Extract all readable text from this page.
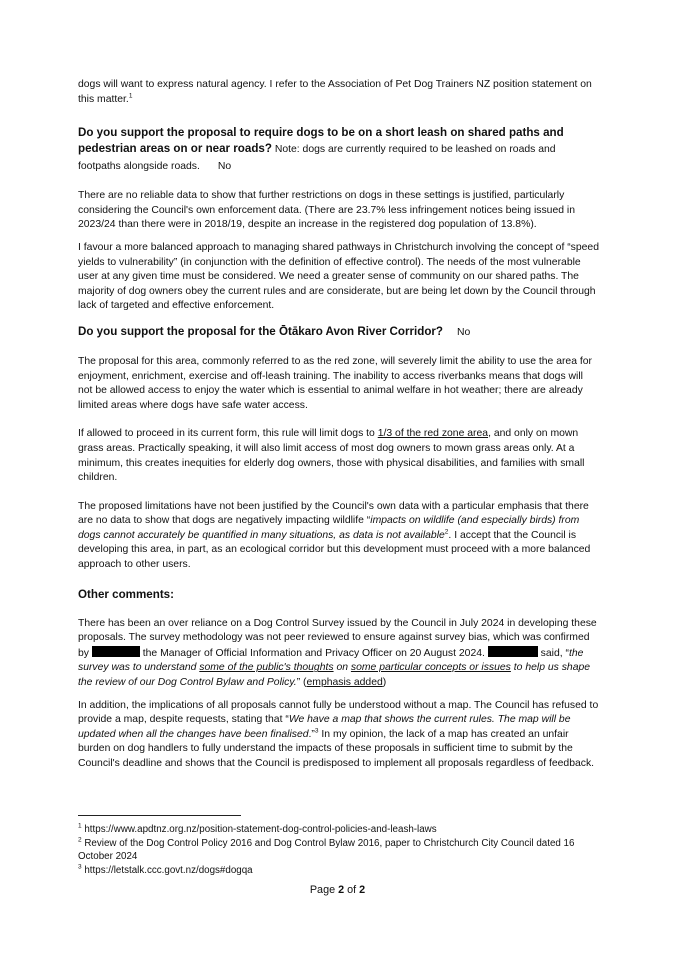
dogs will want to express natural agency. I refer to the Association of Pet Dog Trainers NZ position statement on this matter.$^1$

Do you support the proposal to require dogs to be on a short leash on shared paths and pedestrian areas on or near roads? Note: dogs are currently required to be leashed on roads and footpaths alongside roads. No

There are no reliable data to show that further restrictions on dogs in these settings is justified, particularly considering the Council's own enforcement data. (There are 23.7% less infringement notices being issued in 2023/24 than there were in 2018/19, despite an increase in the registered dog population of 13.8%).

I favour a more balanced approach to managing shared pathways in Christchurch involving the concept of “speed yields to vulnerability” (in conjunction with the definition of effective control). The needs of the most vulnerable user at any given time must be considered. We need a greater sense of community on our shared paths. The majority of dog owners obey the current rules and are considerate, but are being let down by the Council through lack of targeted and effective enforcement.

Do you support the proposal for the Ōtākaro Avon River Corridor? No

The proposal for this area, commonly referred to as the red zone, will severely limit the ability to use the area for enjoyment, enrichment, exercise and off-leash training. The inability to access riverbanks means that dogs will not be allowed access to enjoy the water which is essential to animal welfare in hot weather; there are already limited areas where dogs have safe water access.

If allowed to proceed in its current form, this rule will limit dogs to 1/3 of the red zone area, and only on mown grass areas. Practically speaking, it will also limit access of most dog owners to mown grass areas only. At a minimum, this creates inequities for elderly dog owners, those with physical disabilities, and families with small children.

The proposed limitations have not been justified by the Council's own data with a particular emphasis that there are no data to show that dogs are negatively impacting wildlife “impacts on wildlife (and especially birds) from dogs cannot accurately be quantified in many situations, as data is not available$^2$. I accept that the Council is developing this area, in part, as an ecological corridor but this development must proceed with a more balanced approach to other users.

Other comments:

There has been an over reliance on a Dog Control Survey issued by the Council in July 2024 in developing these proposals. The survey methodology was not peer reviewed to ensure against survey bias, which was confirmed by	the Manager of Official Information and Privacy Officer on 20 August 2024.	said, “the survey was to understand some of the public's thoughts on some particular concepts or issues to help us shape the review of our Dog Control Bylaw and Policy.” (emphasis added)

In addition, the implications of all proposals cannot fully be understood without a map. The Council has refused to provide a map, despite requests, stating that “We have a map that shows the current rules. The map will be updated when all the changes have been finalised.”$^3$ In my opinion, the lack of a map has created an unfair burden on dog handlers to fully understand the impacts of these proposals in sufficient time to submit by the Council's deadline and shows that the Council is predisposed to implement all proposals regardless of feedback.

$^1$ https://www.apdtnz.org.nz/position-statement-dog-control-policies-and-leash-laws
$^2$ Review of the Dog Control Policy 2016 and Dog Control Bylaw 2016, paper to Christchurch City Council dated 16 October 2024
$^3$ https://letstalk.ccc.govt.nz/dogs#dogqa
Page 2 of 2
